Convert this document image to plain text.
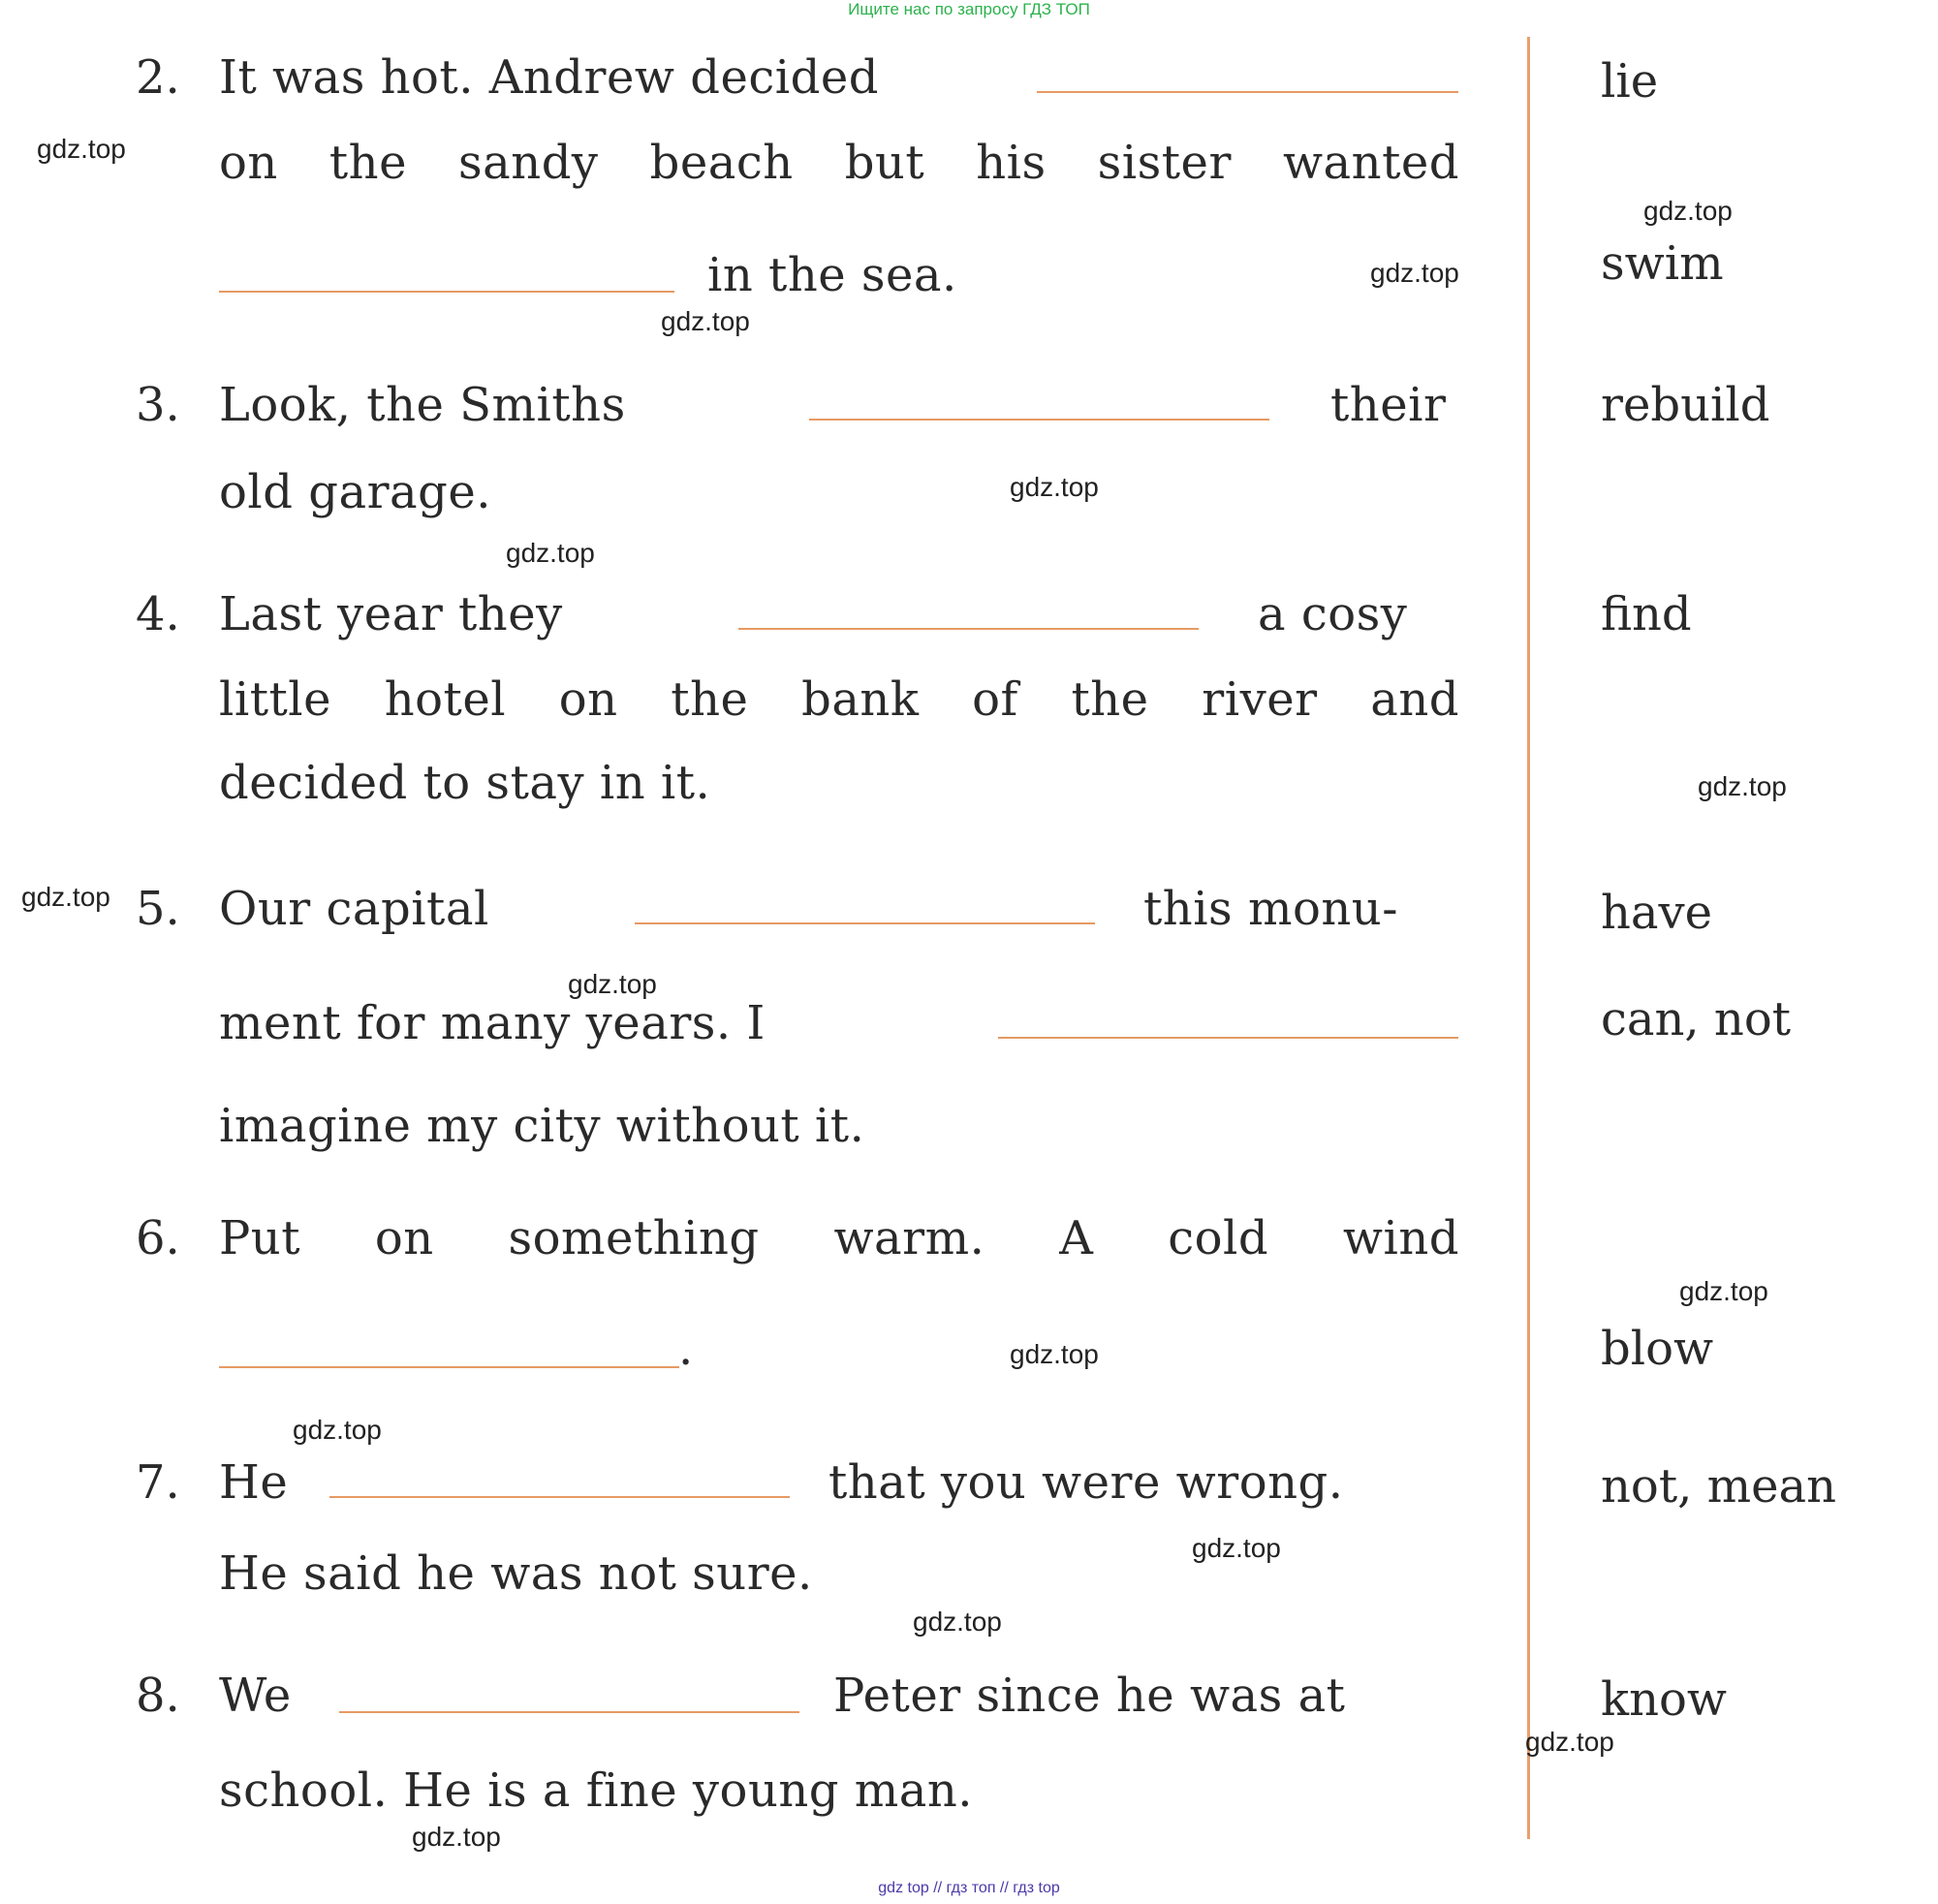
Ищите нас по запросу ГДЗ ТОП
2. It was hot. Andrew decided
on the sandy beach but his sister wanted
in the sea.
lie
swim
3. Look, the Smiths	their
old garage.
rebuild
4. Last year they	a cosy
little hotel on the bank of the river and
decided to stay in it.
find
5. Our capital	this monu-
ment for many years. I
imagine my city without it.
have
can, not
6. Put on something warm. A cold wind
.	blow
7. He	that you were wrong.
He said he was not sure.
not, mean
8. We	Peter since he was at
school. He is a fine young man.
know
gdz.top
gdz.top
gdz.top
gdz.top
gdz.top
gdz.top
gdz.top
gdz.top
gdz.top
gdz.top
gdz.top
gdz.top
gdz.top
gdz.top
gdz.top
gdz.top
gdz top // гдз топ // гдз top
